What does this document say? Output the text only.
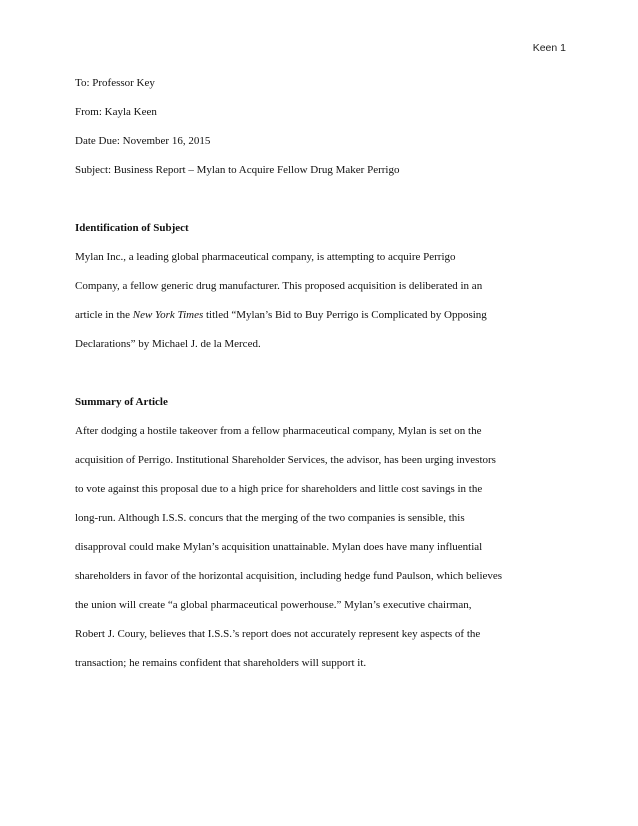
Keen 1
To: Professor Key
From: Kayla Keen
Date Due: November 16, 2015
Subject: Business Report – Mylan to Acquire Fellow Drug Maker Perrigo
Identification of Subject
Mylan Inc., a leading global pharmaceutical company, is attempting to acquire Perrigo
Company, a fellow generic drug manufacturer. This proposed acquisition is deliberated in an
article in the New York Times titled “Mylan’s Bid to Buy Perrigo is Complicated by Opposing
Declarations” by Michael J. de la Merced.
Summary of Article
After dodging a hostile takeover from a fellow pharmaceutical company, Mylan is set on the
acquisition of Perrigo. Institutional Shareholder Services, the advisor, has been urging investors
to vote against this proposal due to a high price for shareholders and little cost savings in the
long-run. Although I.S.S. concurs that the merging of the two companies is sensible, this
disapproval could make Mylan’s acquisition unattainable. Mylan does have many influential
shareholders in favor of the horizontal acquisition, including hedge fund Paulson, which believes
the union will create “a global pharmaceutical powerhouse.” Mylan’s executive chairman,
Robert J. Coury, believes that I.S.S.’s report does not accurately represent key aspects of the
transaction; he remains confident that shareholders will support it.
